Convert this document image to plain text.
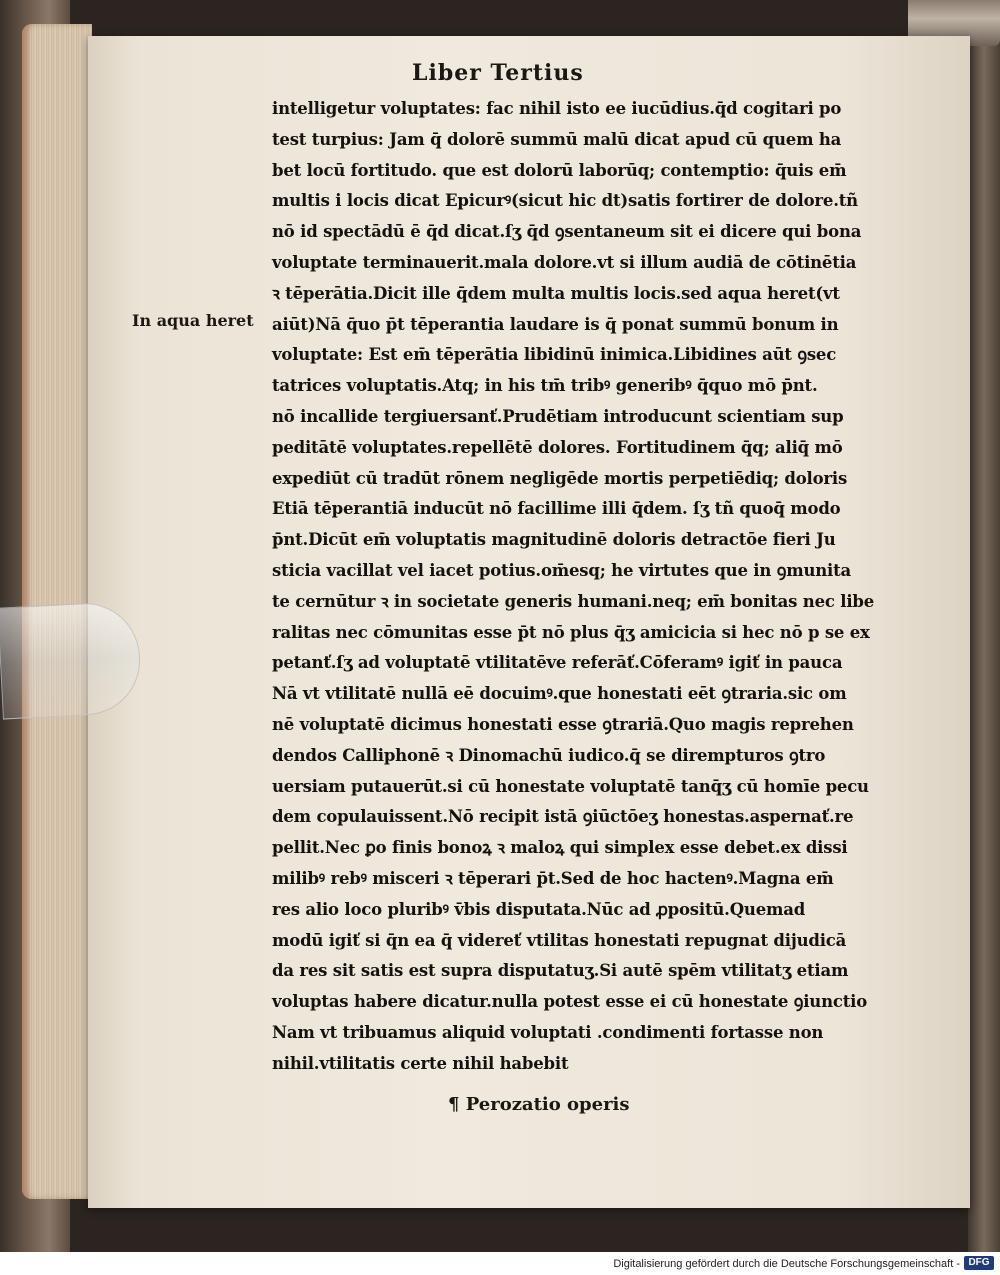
Liber Tertius
In aqua heret
intelligetur voluptates: fac nihil isto ee iucūdius.q̄d cogitari po
test turpius: Jam q̄ dolorē summū malū dicat apud cū quem ha
bet locū fortitudo. que est dolorū laborūq; contemptio: q̄uis em̄
multis i locis dicat Epicurꝰ(sicut hic dt)satis fortirer de dolore.tñ
nō id spectādū ē q̄d dicat.ſʒ q̄d ꝯsentaneum sit ei dicere qui bona
voluptate terminauerit.mala dolore.vt si illum audiā de cōtinētia
ꝛ tēperātia.Dicit ille q̄dem multa multis locis.sed aqua heret(vt
aiūt)Nā q̄uo p̄t tēperantia laudare is q̄ ponat summū bonum in
voluptate: Est em̄ tēperātia libidinū inimica.Libidines aūt ꝯsec
tatrices voluptatis.Atq; in his tm̄ tribꝰ generibꝰ q̄quo mō p̄nt.
nō incallide tergiuersanť.Prudētiam introducunt scientiam sup
peditātē voluptates.repellētē dolores. Fortitudinem q̄q; aliq̄ mō
expediūt cū tradūt rōnem negligēde mortis perpetiēdiq; doloris
Etiā tēperantiā inducūt nō facillime illi q̄dem. ſʒ tñ quoq̄ modo
p̄nt.Dicūt em̄ voluptatis magnitudinē doloris detractōe fieri Ju
sticia vacillat vel iacet potius.om̄esq; he virtutes que in ꝯmunita
te cernūtur ꝛ in societate generis humani.neq; em̄ bonitas nec libe
ralitas nec cōmunitas esse p̄t nō plus q̄ʒ amicicia si hec nō p se ex
petanť.ſʒ ad voluptatē vtilitatēve referāť.Cōferamꝰ igiť in pauca
Nā vt vtilitatē nullā eē docuimꝰ.que honestati eēt ꝯtraria.sic om
nē voluptatē dicimus honestati esse ꝯtrariā.Quo magis reprehen
dendos Calliphonē ꝛ Dinomachū iudico.q̄ se dirempturos ꝯtro
uersiam putauerūt.si cū honestate voluptatē tanq̄ʒ cū homīe pecu
dem copulauissent.Nō recipit istā ꝯiūctōeʒ honestas.aspernať.re
pellit.Nec ꝑo finis bonoꝝ ꝛ maloꝝ qui simplex esse debet.ex dissi
milibꝰ rebꝰ misceri ꝛ tēperari p̄t.Sed de hoc hactenꝰ.Magna em̄
res alio loco pluribꝰ v̄bis disputata.Nūc ad ꝓpositū.Quemad
modū igiť si q̄n ea q̄ videreť vtilitas honestati repugnat dijudicā
da res sit satis est supra disputatuʒ.Si autē spēm vtilitatʒ etiam
voluptas habere dicatur.nulla potest esse ei cū honestate ꝯiunctio
Nam vt tribuamus aliquid voluptati .condimenti fortasse non
nihil.vtilitatis certe nihil habebit
¶ Perozatio operis
Digitalisierung gefördert durch die Deutsche Forschungsgemeinschaft - DFG
